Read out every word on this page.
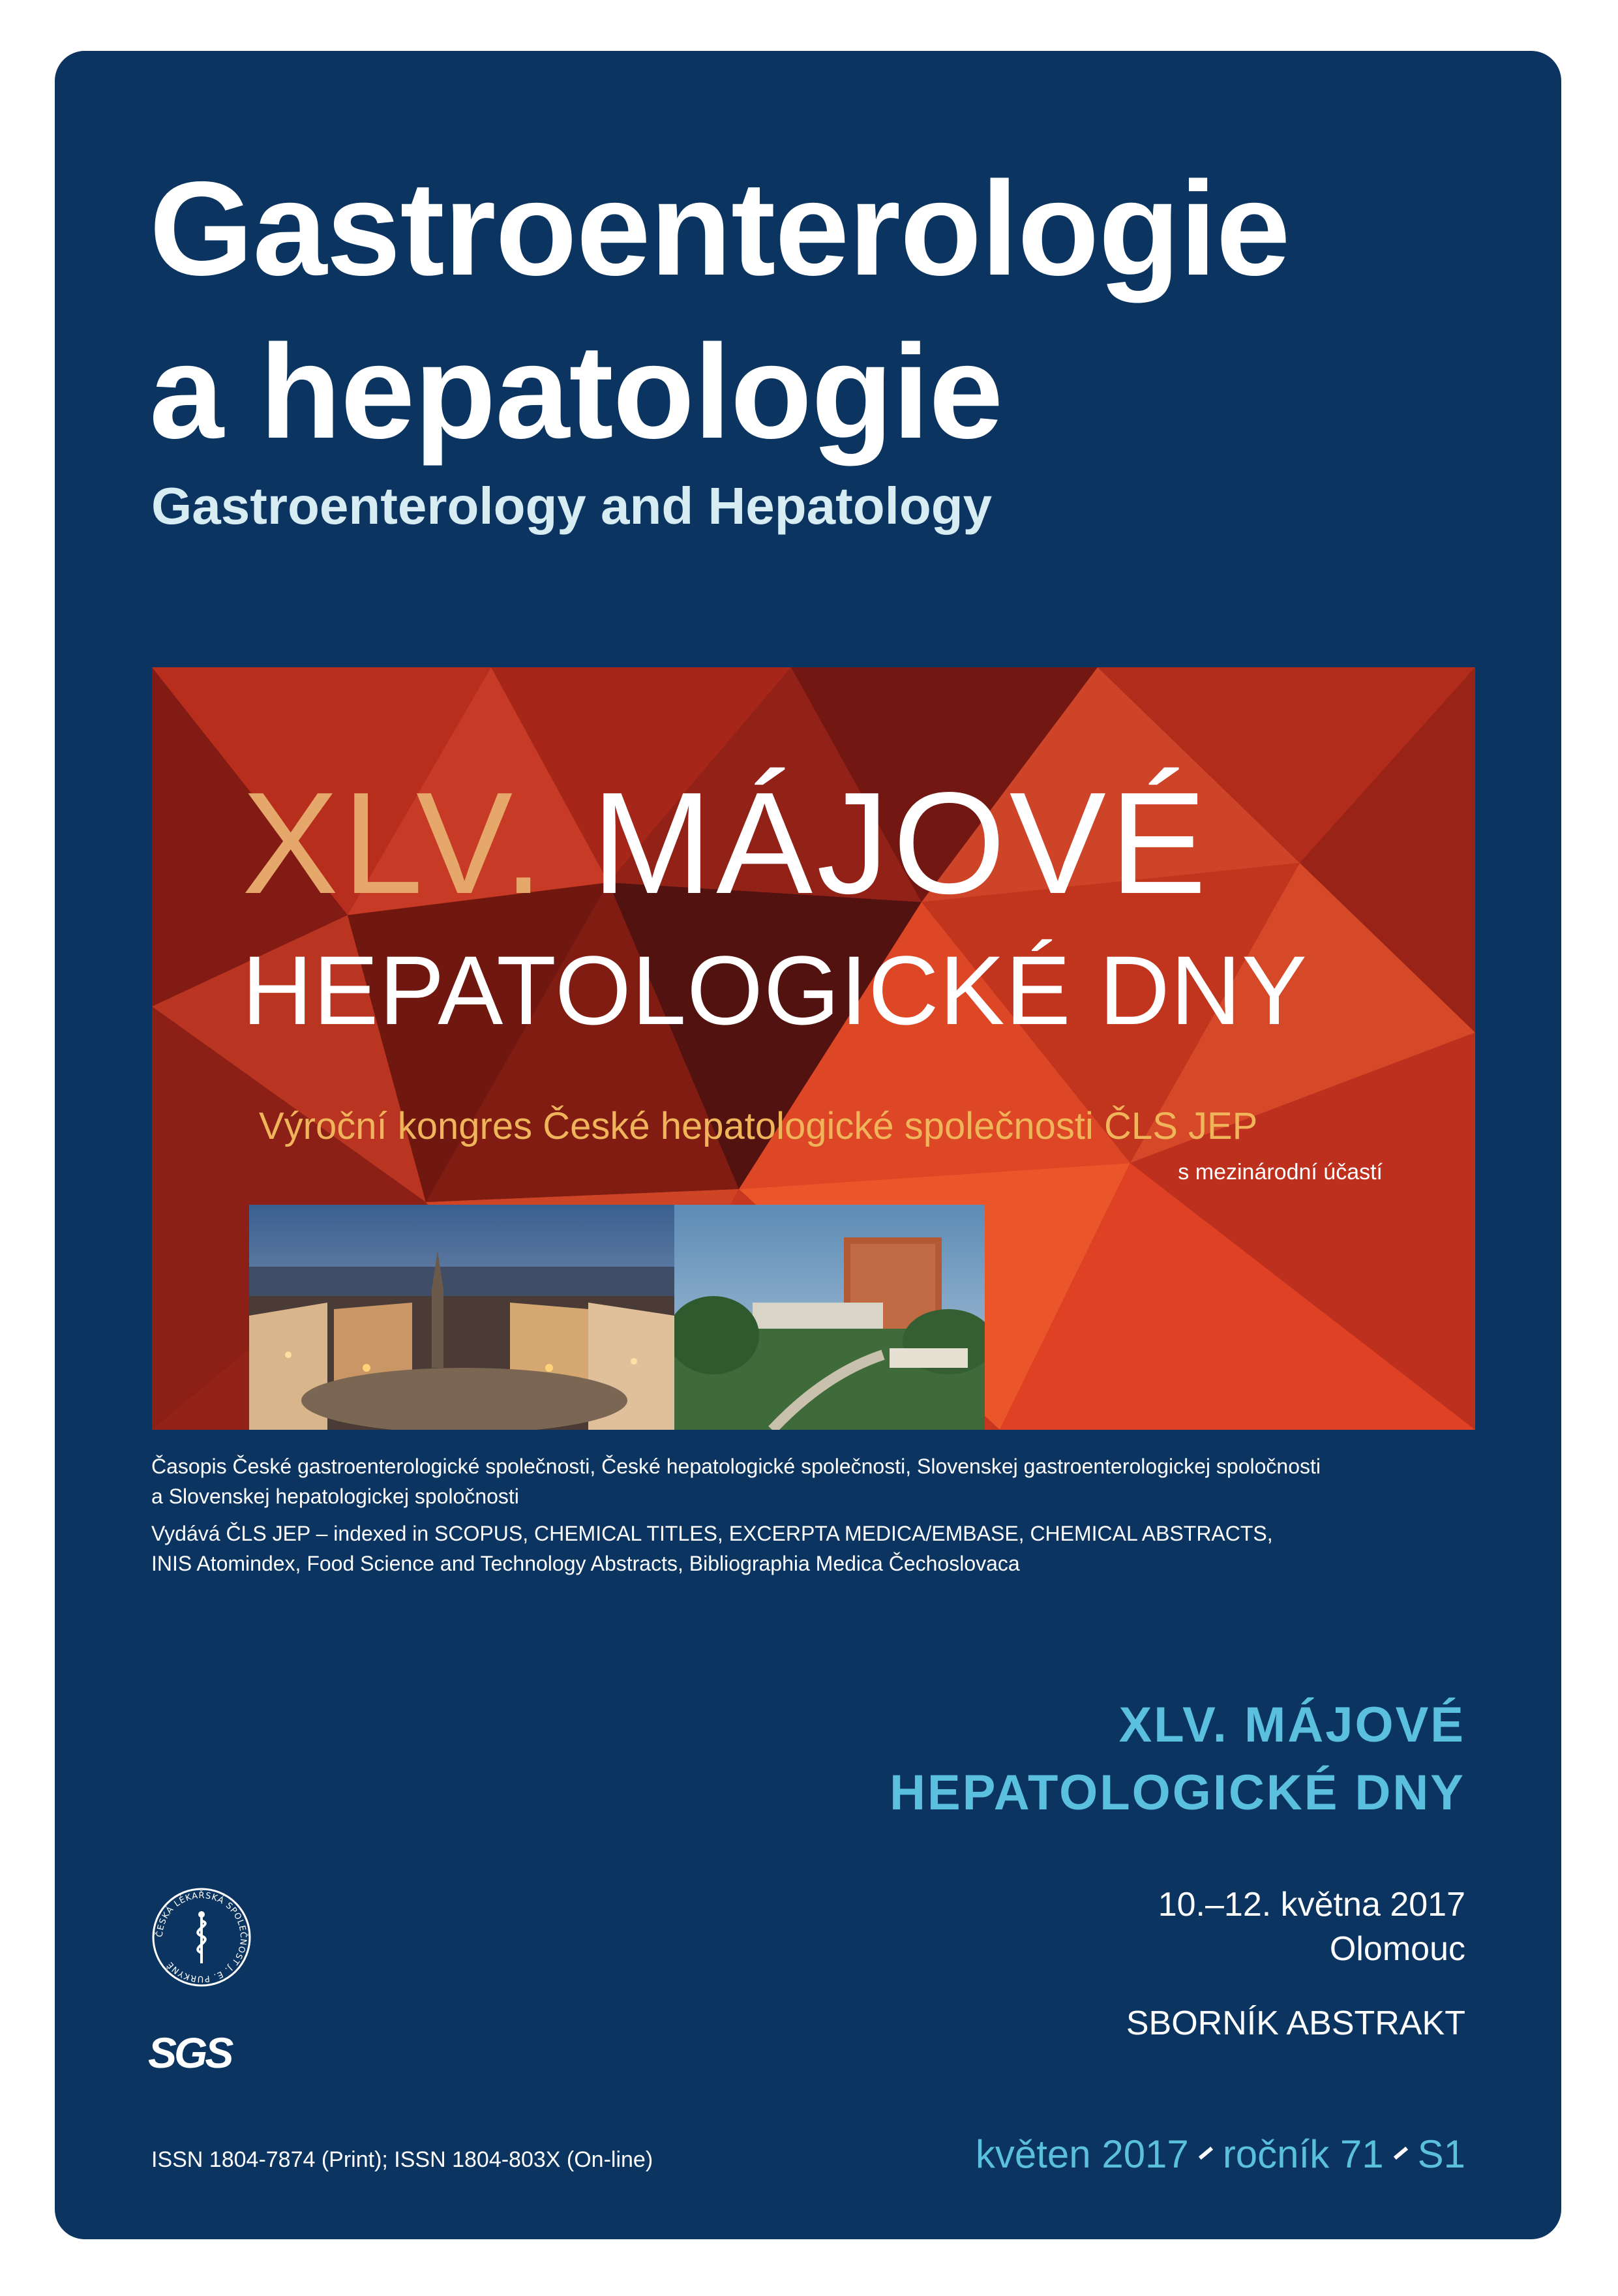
Gastroenterologie
a hepatologie
Gastroenterology and Hepatology
XLV. MÁJOVÉ
HEPATOLOGICKÉ DNY
Výroční kongres České hepatologické společnosti ČLS JEP
s mezinárodní účastí
Časopis České gastroenterologické společnosti, České hepatologické společnosti, Slovenskej gastroenterologickej spoločnosti
a Slovenskej hepatologickej spoločnosti
Vydává ČLS JEP – indexed in SCOPUS, CHEMICAL TITLES, EXCERPTA MEDICA/EMBASE, CHEMICAL ABSTRACTS,
INIS Atomindex, Food Science and Technology Abstracts, Bibliographia Medica Čechoslovaca
XLV. MÁJOVÉ
HEPATOLOGICKÉ DNY
10.–12. května 2017
Olomouc
SBORNÍK ABSTRAKT
ČESKÁ LÉKAŘSKÁ SPOLEČNOST J. E. PURKYNĚ
SGS
ISSN 1804-7874 (Print); ISSN 1804-803X (On-line)	květen 2017 ročník 71 S1
